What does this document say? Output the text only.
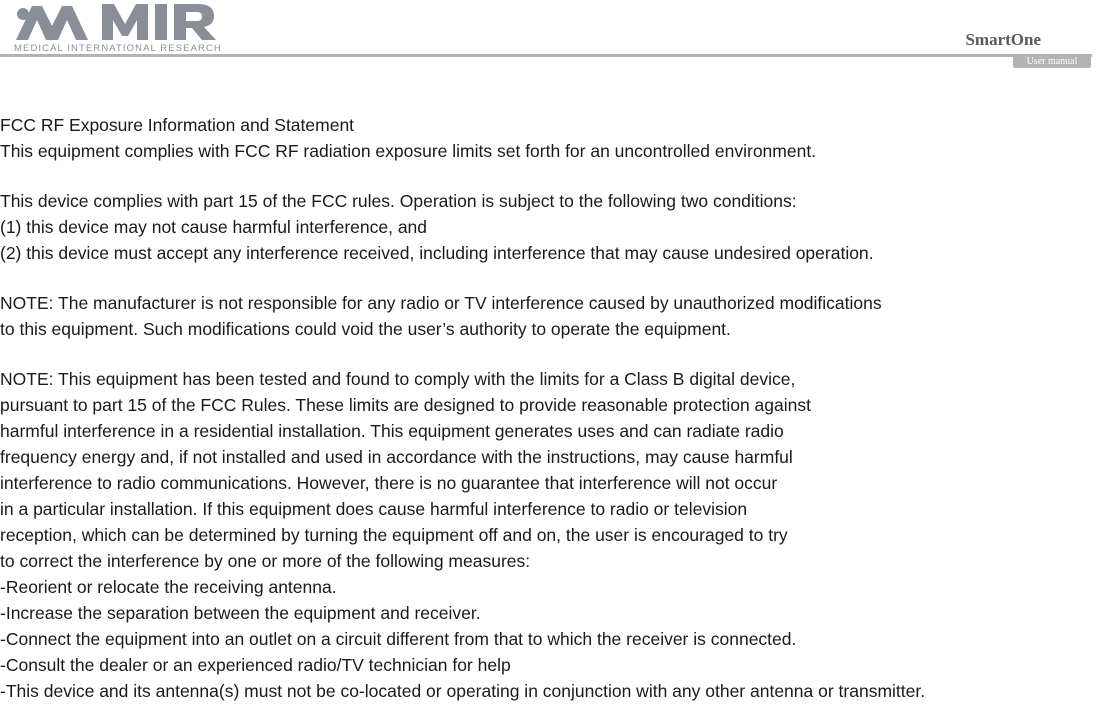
MEDICAL INTERNATIONAL RESEARCH	SmartOne
User manual
FCC RF Exposure Information and Statement
This equipment complies with FCC RF radiation exposure limits set forth for an uncontrolled environment.
This device complies with part 15 of the FCC rules. Operation is subject to the following two conditions:
(1) this device may not cause harmful interference, and
(2) this device must accept any interference received, including interference that may cause undesired operation.
NOTE: The manufacturer is not responsible for any radio or TV interference caused by unauthorized modifications
to this equipment. Such modifications could void the user’s authority to operate the equipment.
NOTE: This equipment has been tested and found to comply with the limits for a Class B digital device,
pursuant to part 15 of the FCC Rules. These limits are designed to provide reasonable protection against
harmful interference in a residential installation. This equipment generates uses and can radiate radio
frequency energy and, if not installed and used in accordance with the instructions, may cause harmful
interference to radio communications. However, there is no guarantee that interference will not occur
in a particular installation. If this equipment does cause harmful interference to radio or television
reception, which can be determined by turning the equipment off and on, the user is encouraged to try
to correct the interference by one or more of the following measures:
-Reorient or relocate the receiving antenna.
-Increase the separation between the equipment and receiver.
-Connect the equipment into an outlet on a circuit different from that to which the receiver is connected.
-Consult the dealer or an experienced radio/TV technician for help
-This device and its antenna(s) must not be co-located or operating in conjunction with any other antenna or transmitter.
